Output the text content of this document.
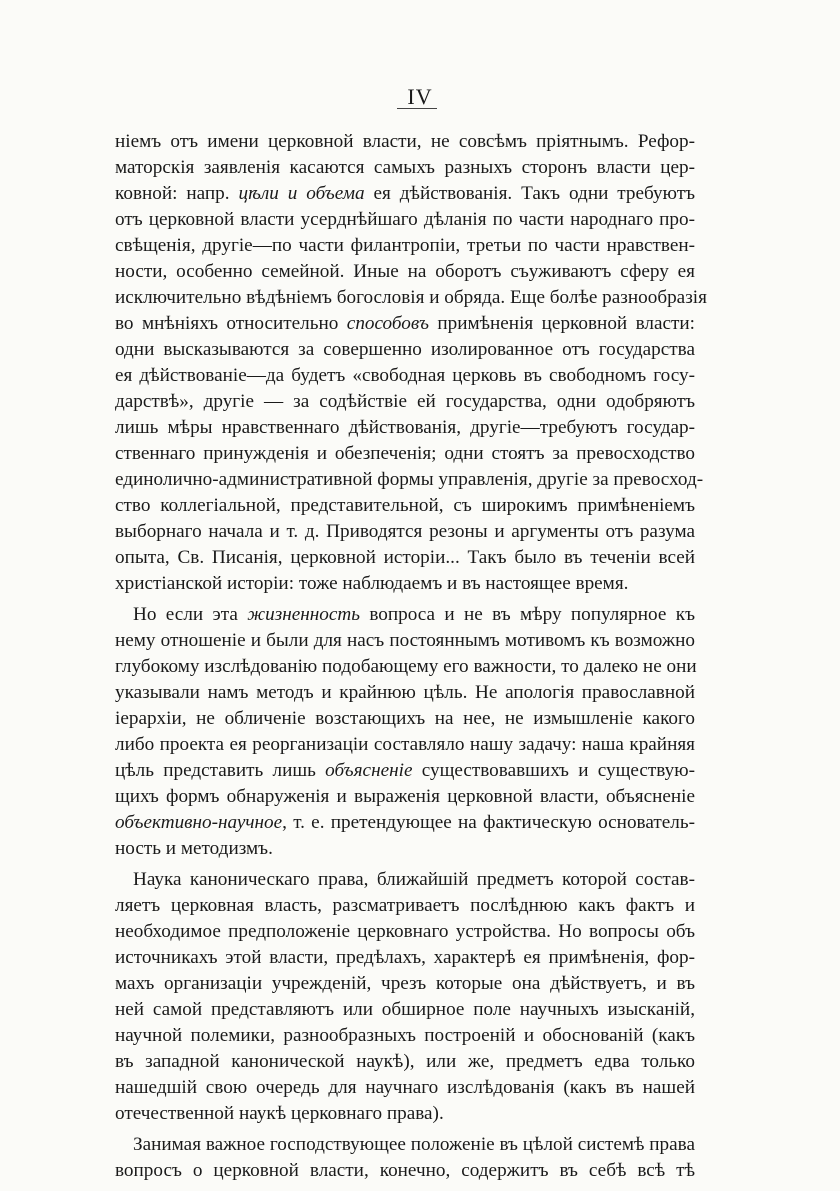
IV

ніемъ отъ имени церковной власти, не совсѣмъ пріятнымъ. Рефор-
маторскія заявленія касаются самыхъ разныхъ сторонъ власти цер-
ковной: напр. цѣли и объема ея дѣйствованія. Такъ одни требуютъ
отъ церковной власти усерднѣйшаго дѣланія по части народнаго про-
свѣщенія, другіе—по части филантропіи, третьи по части нравствен-
ности, особенно семейной. Иные на оборотъ съуживаютъ сферу ея
исключительно вѣдѣніемъ богословія и обряда. Еще болѣе разнообразія
во мнѣніяхъ относительно способовъ примѣненія церковной власти:
одни высказываются за совершенно изолированное отъ государства
ея дѣйствованіе—да будетъ «свободная церковь въ свободномъ госу-
дарствѣ», другіе — за содѣйствіе ей государства, одни одобряютъ
лишь мѣры нравственнаго дѣйствованія, другіе—требуютъ государ-
ственнаго принужденія и обезпеченія; одни стоятъ за превосходство
единолично-административной формы управленія, другіе за превосход-
ство коллегіальной, представительной, съ широкимъ примѣненіемъ
выборнаго начала и т. д. Приводятся резоны и аргументы отъ разума
опыта, Св. Писанія, церковной исторіи... Такъ было въ теченіи всей
христіанской исторіи: тоже наблюдаемъ и въ настоящее время.

Но если эта жизненность вопроса и не въ мѣру популярное къ
нему отношеніе и были для насъ постояннымъ мотивомъ къ возможно
глубокому изслѣдованію подобающему его важности, то далеко не они
указывали намъ методъ и крайнюю цѣль. Не апологія православной
іерархіи, не обличеніе возстающихъ на нее, не измышленіе какого
либо проекта ея реорганизаціи составляло нашу задачу: наша крайняя
цѣль представить лишь объясненіе существовавшихъ и существую-
щихъ формъ обнаруженія и выраженія церковной власти, объясненіе
объективно-научное, т. е. претендующее на фактическую основатель-
ность и методизмъ.

Наука каноническаго права, ближайшій предметъ которой состав-
ляетъ церковная власть, разсматриваетъ послѣднюю какъ фактъ и
необходимое предположеніе церковнаго устройства. Но вопросы объ
источникахъ этой власти, предѣлахъ, характерѣ ея примѣненія, фор-
махъ организаціи учрежденій, чрезъ которые она дѣйствуетъ, и въ
ней самой представляютъ или обширное поле научныхъ изысканій,
научной полемики, разнообразныхъ построеній и обоснованій (какъ
въ западной канонической наукѣ), или же, предметъ едва только
нашедшій свою очередь для научнаго изслѣдованія (какъ въ нашей
отечественной наукѣ церковнаго права).

Занимая важное господствующее положеніе въ цѣлой системѣ права
вопросъ о церковной власти, конечно, содержитъ въ себѣ всѣ тѣ
